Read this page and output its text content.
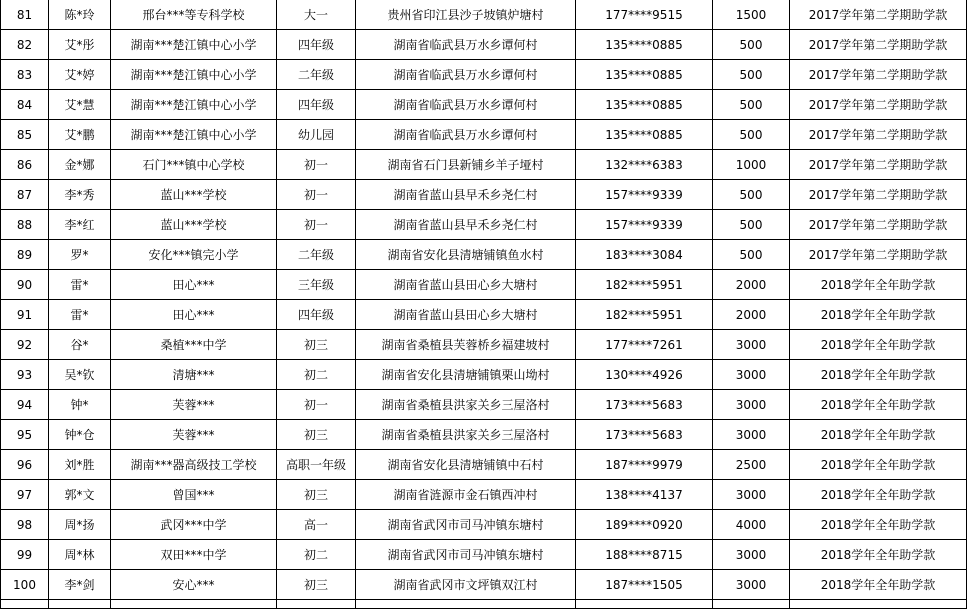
81	陈*玲	邢台***等专科学校	大一	贵州省印江县沙子坡镇炉塘村	177****9515	1500	2017学年第二学期助学款
82	艾*彤	湖南***楚江镇中心小学	四年级	湖南省临武县万水乡谭何村	135****0885	500	2017学年第二学期助学款
83	艾*婷	湖南***楚江镇中心小学	二年级	湖南省临武县万水乡谭何村	135****0885	500	2017学年第二学期助学款
84	艾*慧	湖南***楚江镇中心小学	四年级	湖南省临武县万水乡谭何村	135****0885	500	2017学年第二学期助学款
85	艾*鹏	湖南***楚江镇中心小学	幼儿园	湖南省临武县万水乡谭何村	135****0885	500	2017学年第二学期助学款
86	金*娜	石门***镇中心学校	初一	湖南省石门县新铺乡羊子垭村	132****6383	1000	2017学年第二学期助学款
87	李*秀	蓝山***学校	初一	湖南省蓝山县早禾乡尧仁村	157****9339	500	2017学年第二学期助学款
88	李*红	蓝山***学校	初一	湖南省蓝山县早禾乡尧仁村	157****9339	500	2017学年第二学期助学款
89	罗*	安化***镇完小学	二年级	湖南省安化县清塘铺镇鱼水村	183****3084	500	2017学年第二学期助学款
90	雷*	田心***	三年级	湖南省蓝山县田心乡大塘村	182****5951	2000	2018学年全年助学款
91	雷*	田心***	四年级	湖南省蓝山县田心乡大塘村	182****5951	2000	2018学年全年助学款
92	谷*	桑植***中学	初三	湖南省桑植县芙蓉桥乡福建坡村	177****7261	3000	2018学年全年助学款
93	吴*钦	清塘***	初二	湖南省安化县清塘铺镇栗山坳村	130****4926	3000	2018学年全年助学款
94	钟*	芙蓉***	初一	湖南省桑植县洪家关乡三屋洛村	173****5683	3000	2018学年全年助学款
95	钟*仓	芙蓉***	初三	湖南省桑植县洪家关乡三屋洛村	173****5683	3000	2018学年全年助学款
96	刘*胜	湖南***器高级技工学校	高职一年级	湖南省安化县清塘铺镇中石村	187****9979	2500	2018学年全年助学款
97	郭*文	曾国***	初三	湖南省涟源市金石镇西冲村	138****4137	3000	2018学年全年助学款
98	周*扬	武冈***中学	高一	湖南省武冈市司马冲镇东塘村	189****0920	4000	2018学年全年助学款
99	周*林	双田***中学	初二	湖南省武冈市司马冲镇东塘村	188****8715	3000	2018学年全年助学款
100	李*剑	安心***	初三	湖南省武冈市文坪镇双江村	187****1505	3000	2018学年全年助学款
